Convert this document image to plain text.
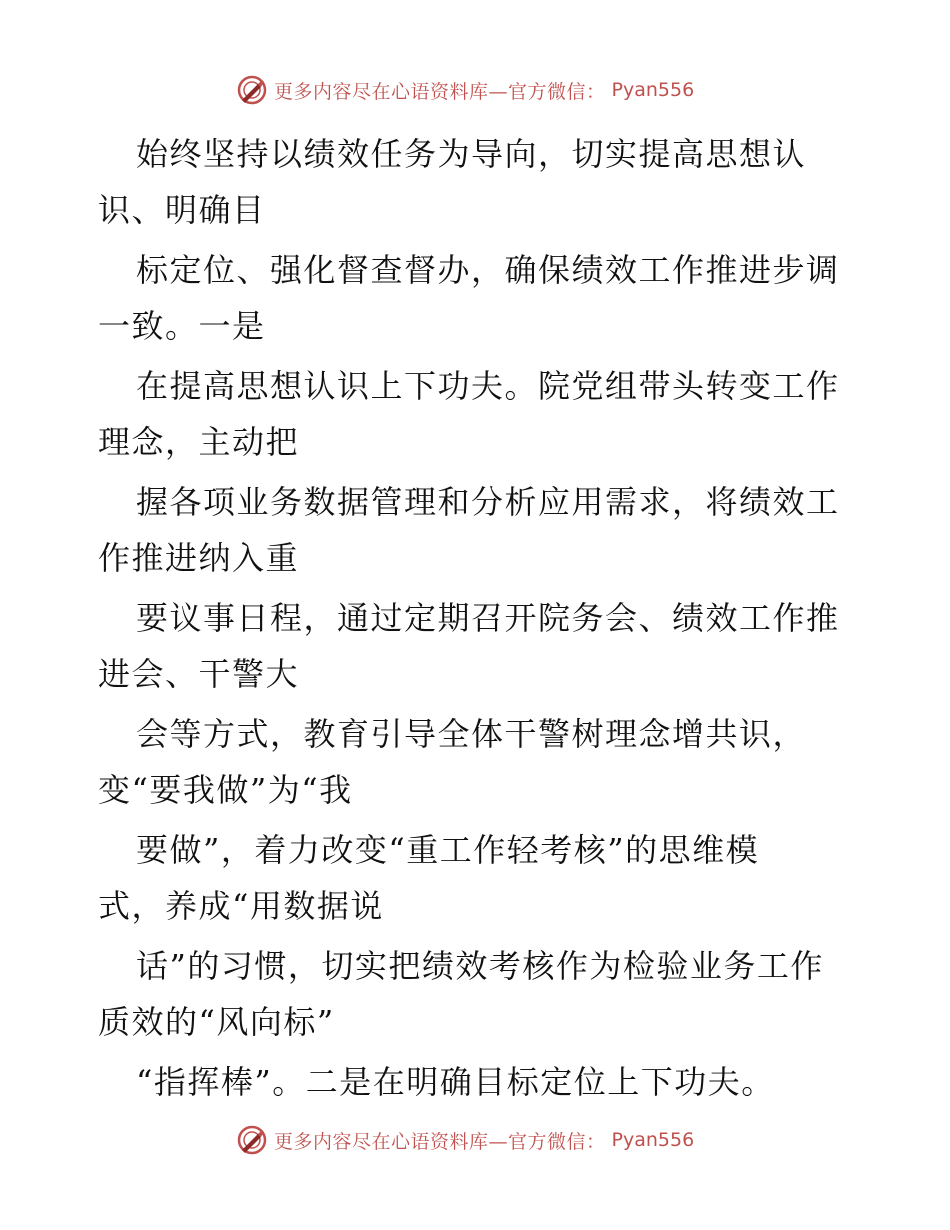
更多内容尽在心语资料库—官方微信： Pyan556

始终坚持以绩效任务为导向，切实提高思想认
识、明确目

标定位、强化督查督办，确保绩效工作推进步调
一致。一是

在提高思想认识上下功夫。院党组带头转变工作
理念，主动把

握各项业务数据管理和分析应用需求，将绩效工
作推进纳入重

要议事日程，通过定期召开院务会、绩效工作推
进会、干警大

会等方式，教育引导全体干警树理念增共识，
变“要我做”为“我

要做”，着力改变“重工作轻考核”的思维模
式，养成“用数据说

话”的习惯，切实把绩效考核作为检验业务工作
质效的“风向标”

“指挥棒”。二是在明确目标定位上下功夫。

更多内容尽在心语资料库—官方微信： Pyan556
